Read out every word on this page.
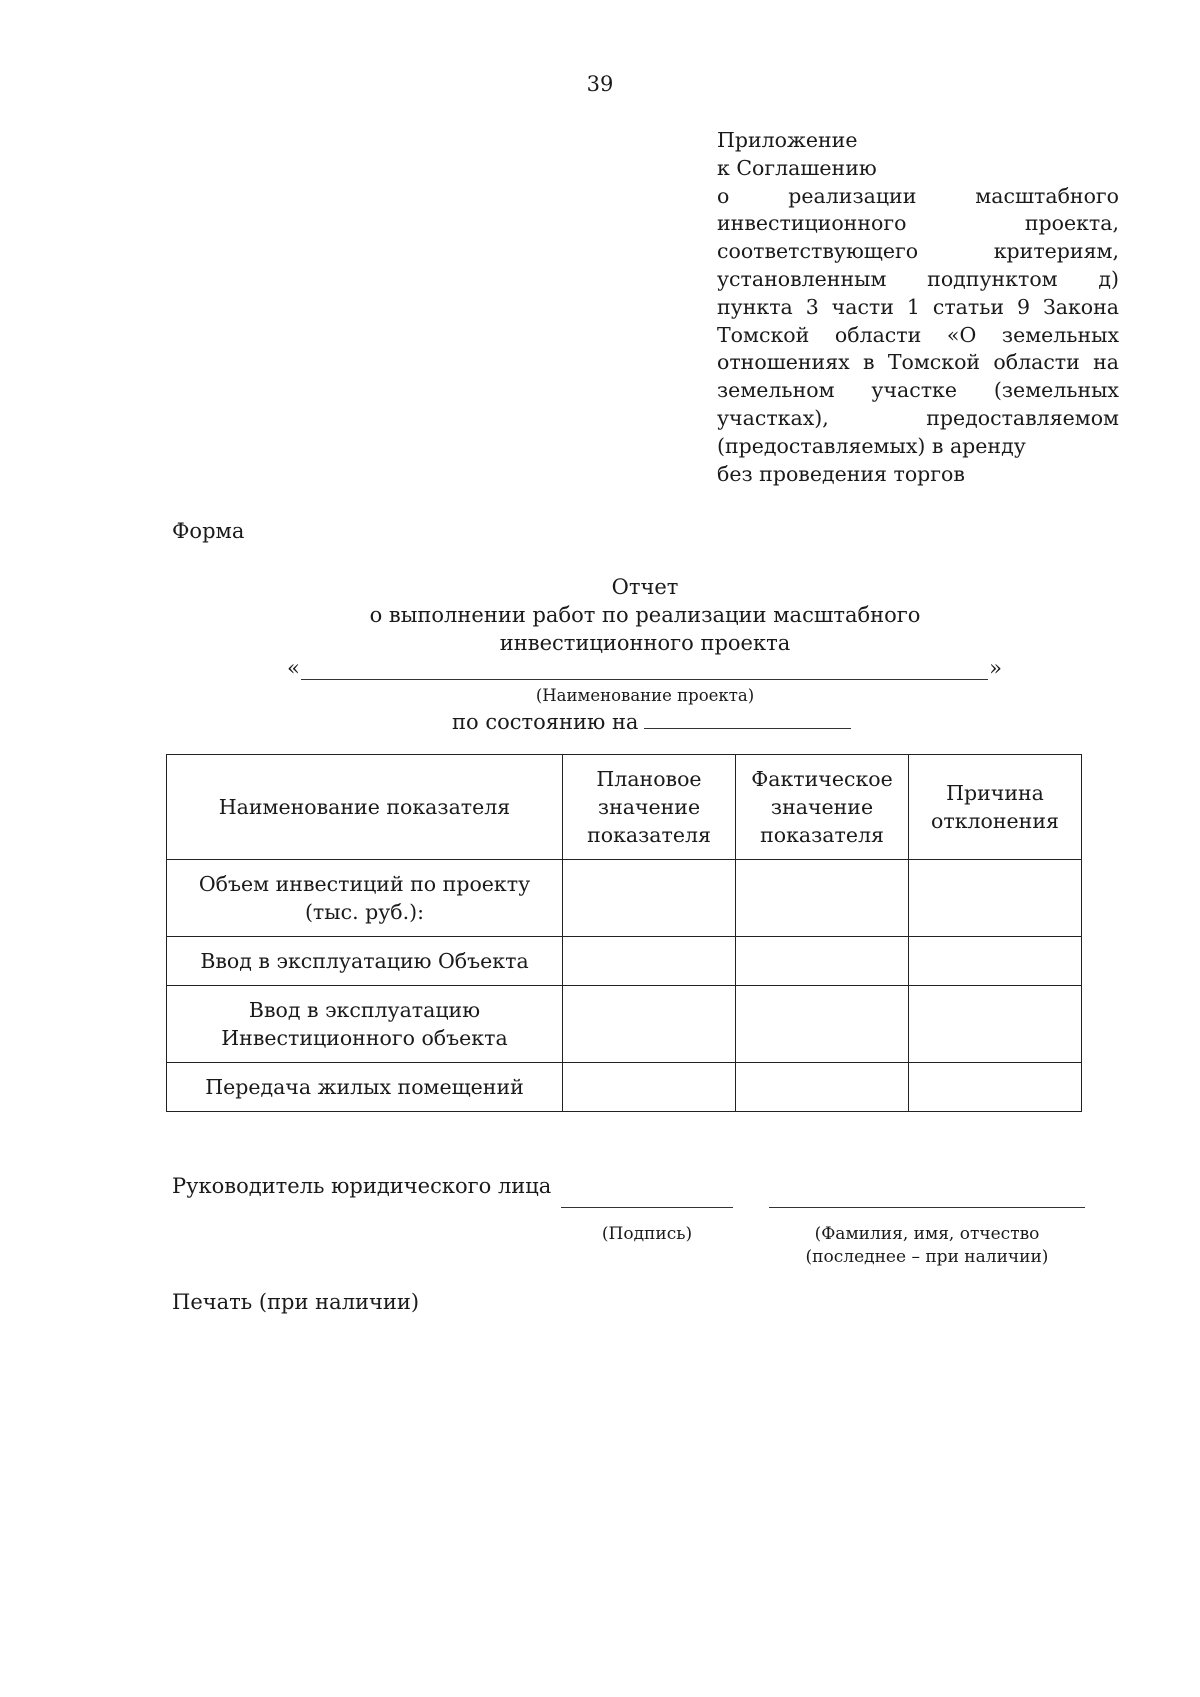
39
Приложение
к Соглашению
о реализации масштабного инвестиционного проекта, соответствующего критериям, установленным подпунктом д) пункта 3 части 1 статьи 9 Закона Томской области «О земельных отношениях в Томской области на земельном участке (земельных участках), предоставляемом (предоставляемых) в аренду
без проведения торгов
Форма
Отчет
о выполнении работ по реализации масштабного
инвестиционного проекта
«	»
(Наименование проекта)
по состоянию на
Наименование показателя	Плановое значение показателя	Фактическое значение показателя	Причина отклонения
Объем инвестиций по проекту (тыс. руб.):			
Ввод в эксплуатацию Объекта			
Ввод в эксплуатацию Инвестиционного объекта			
Передача жилых помещений			
Руководитель юридического лица
(Подпись)	(Фамилия, имя, отчество
(последнее – при наличии)
Печать (при наличии)
